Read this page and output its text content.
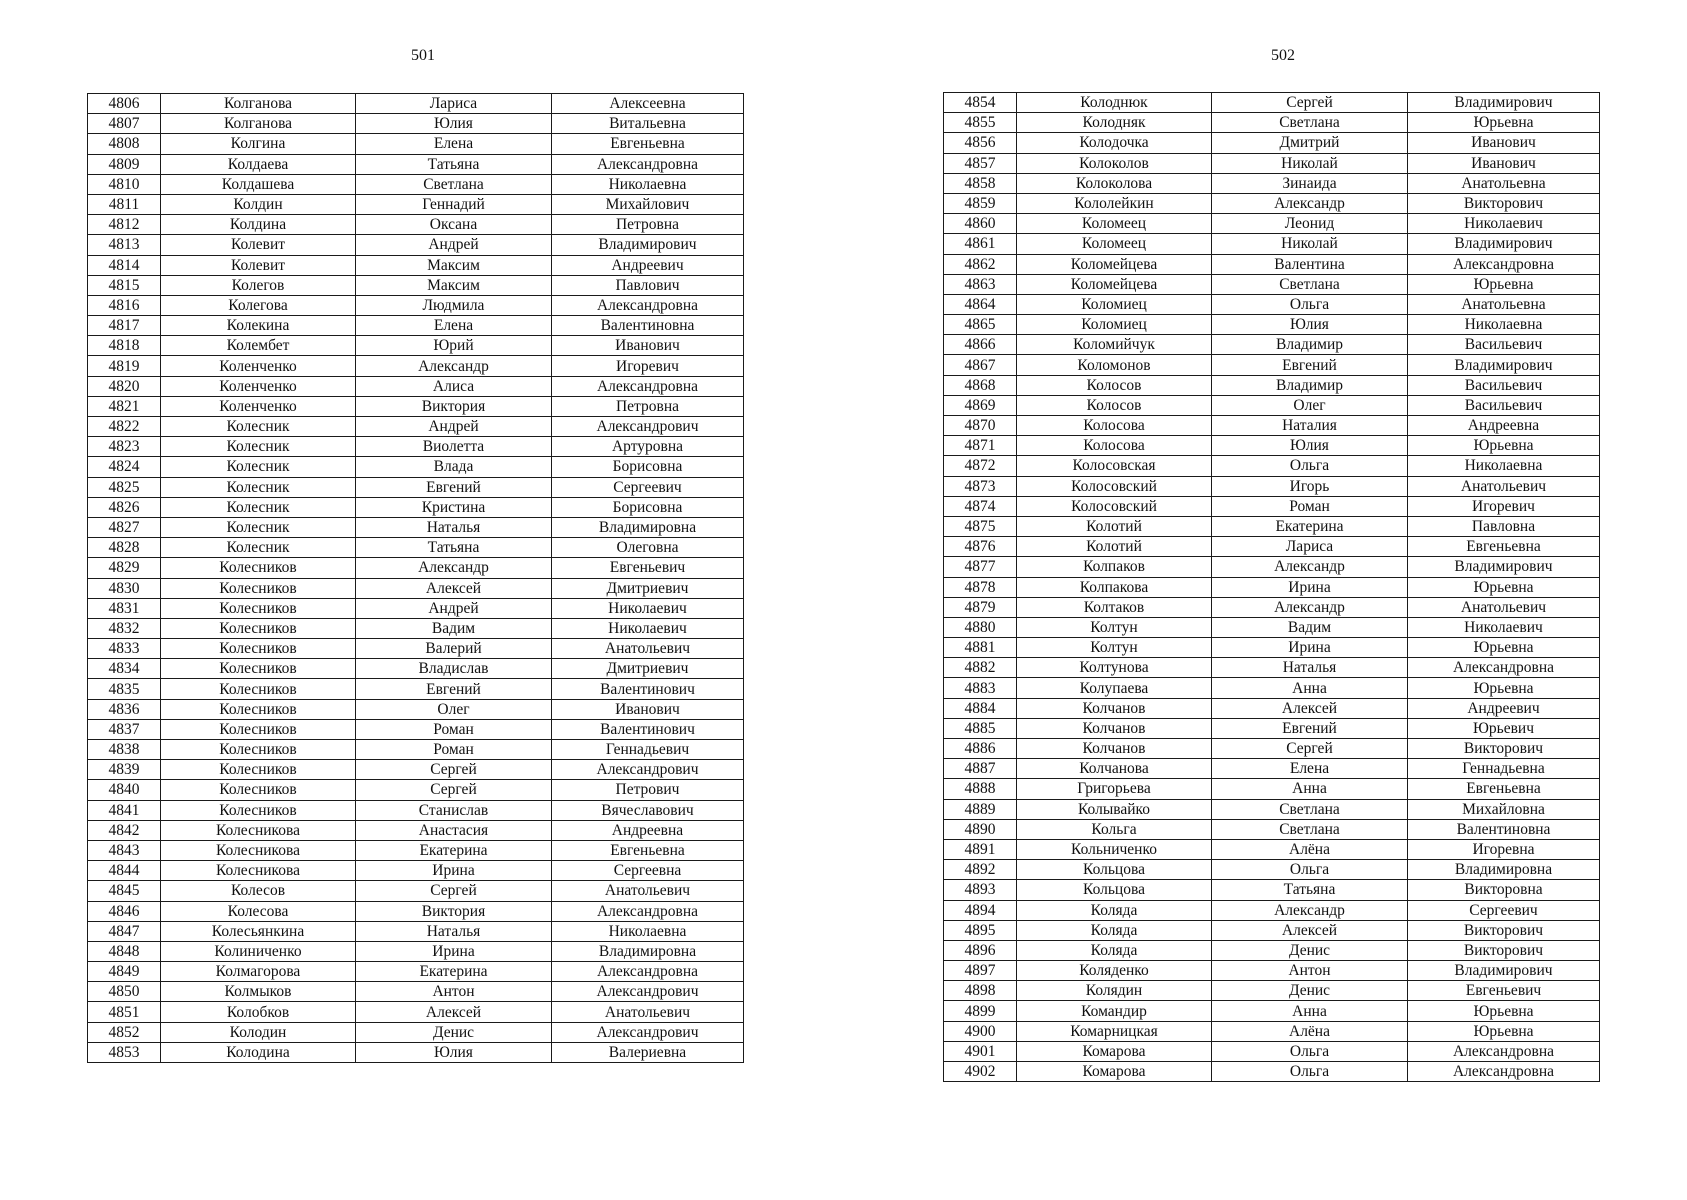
501	502
4806	Колганова	Лариса	Алексеевна
4807	Колганова	Юлия	Витальевна
4808	Колгина	Елена	Евгеньевна
4809	Колдаева	Татьяна	Александровна
4810	Колдашева	Светлана	Николаевна
4811	Колдин	Геннадий	Михайлович
4812	Колдина	Оксана	Петровна
4813	Колевит	Андрей	Владимирович
4814	Колевит	Максим	Андреевич
4815	Колегов	Максим	Павлович
4816	Колегова	Людмила	Александровна
4817	Колекина	Елена	Валентиновна
4818	Колембет	Юрий	Иванович
4819	Коленченко	Александр	Игоревич
4820	Коленченко	Алиса	Александровна
4821	Коленченко	Виктория	Петровна
4822	Колесник	Андрей	Александрович
4823	Колесник	Виолетта	Артуровна
4824	Колесник	Влада	Борисовна
4825	Колесник	Евгений	Сергеевич
4826	Колесник	Кристина	Борисовна
4827	Колесник	Наталья	Владимировна
4828	Колесник	Татьяна	Олеговна
4829	Колесников	Александр	Евгеньевич
4830	Колесников	Алексей	Дмитриевич
4831	Колесников	Андрей	Николаевич
4832	Колесников	Вадим	Николаевич
4833	Колесников	Валерий	Анатольевич
4834	Колесников	Владислав	Дмитриевич
4835	Колесников	Евгений	Валентинович
4836	Колесников	Олег	Иванович
4837	Колесников	Роман	Валентинович
4838	Колесников	Роман	Геннадьевич
4839	Колесников	Сергей	Александрович
4840	Колесников	Сергей	Петрович
4841	Колесников	Станислав	Вячеславович
4842	Колесникова	Анастасия	Андреевна
4843	Колесникова	Екатерина	Евгеньевна
4844	Колесникова	Ирина	Сергеевна
4845	Колесов	Сергей	Анатольевич
4846	Колесова	Виктория	Александровна
4847	Колесьянкина	Наталья	Николаевна
4848	Колиниченко	Ирина	Владимировна
4849	Колмагорова	Екатерина	Александровна
4850	Колмыков	Антон	Александрович
4851	Колобков	Алексей	Анатольевич
4852	Колодин	Денис	Александрович
4853	Колодина	Юлия	Валериевна
4854	Колоднюк	Сергей	Владимирович
4855	Колодняк	Светлана	Юрьевна
4856	Колодочка	Дмитрий	Иванович
4857	Колоколов	Николай	Иванович
4858	Колоколова	Зинаида	Анатольевна
4859	Кололейкин	Александр	Викторович
4860	Коломеец	Леонид	Николаевич
4861	Коломеец	Николай	Владимирович
4862	Коломейцева	Валентина	Александровна
4863	Коломейцева	Светлана	Юрьевна
4864	Коломиец	Ольга	Анатольевна
4865	Коломиец	Юлия	Николаевна
4866	Коломийчук	Владимир	Васильевич
4867	Коломонов	Евгений	Владимирович
4868	Колосов	Владимир	Васильевич
4869	Колосов	Олег	Васильевич
4870	Колосова	Наталия	Андреевна
4871	Колосова	Юлия	Юрьевна
4872	Колосовская	Ольга	Николаевна
4873	Колосовский	Игорь	Анатольевич
4874	Колосовский	Роман	Игоревич
4875	Колотий	Екатерина	Павловна
4876	Колотий	Лариса	Евгеньевна
4877	Колпаков	Александр	Владимирович
4878	Колпакова	Ирина	Юрьевна
4879	Колтаков	Александр	Анатольевич
4880	Колтун	Вадим	Николаевич
4881	Колтун	Ирина	Юрьевна
4882	Колтунова	Наталья	Александровна
4883	Колупаева	Анна	Юрьевна
4884	Колчанов	Алексей	Андреевич
4885	Колчанов	Евгений	Юрьевич
4886	Колчанов	Сергей	Викторович
4887	Колчанова	Елена	Геннадьевна
4888	Григорьева	Анна	Евгеньевна
4889	Колывайко	Светлана	Михайловна
4890	Кольга	Светлана	Валентиновна
4891	Кольниченко	Алёна	Игоревна
4892	Кольцова	Ольга	Владимировна
4893	Кольцова	Татьяна	Викторовна
4894	Коляда	Александр	Сергеевич
4895	Коляда	Алексей	Викторович
4896	Коляда	Денис	Викторович
4897	Коляденко	Антон	Владимирович
4898	Колядин	Денис	Евгеньевич
4899	Командир	Анна	Юрьевна
4900	Комарницкая	Алёна	Юрьевна
4901	Комарова	Ольга	Александровна
4902	Комарова	Ольга	Александровна
